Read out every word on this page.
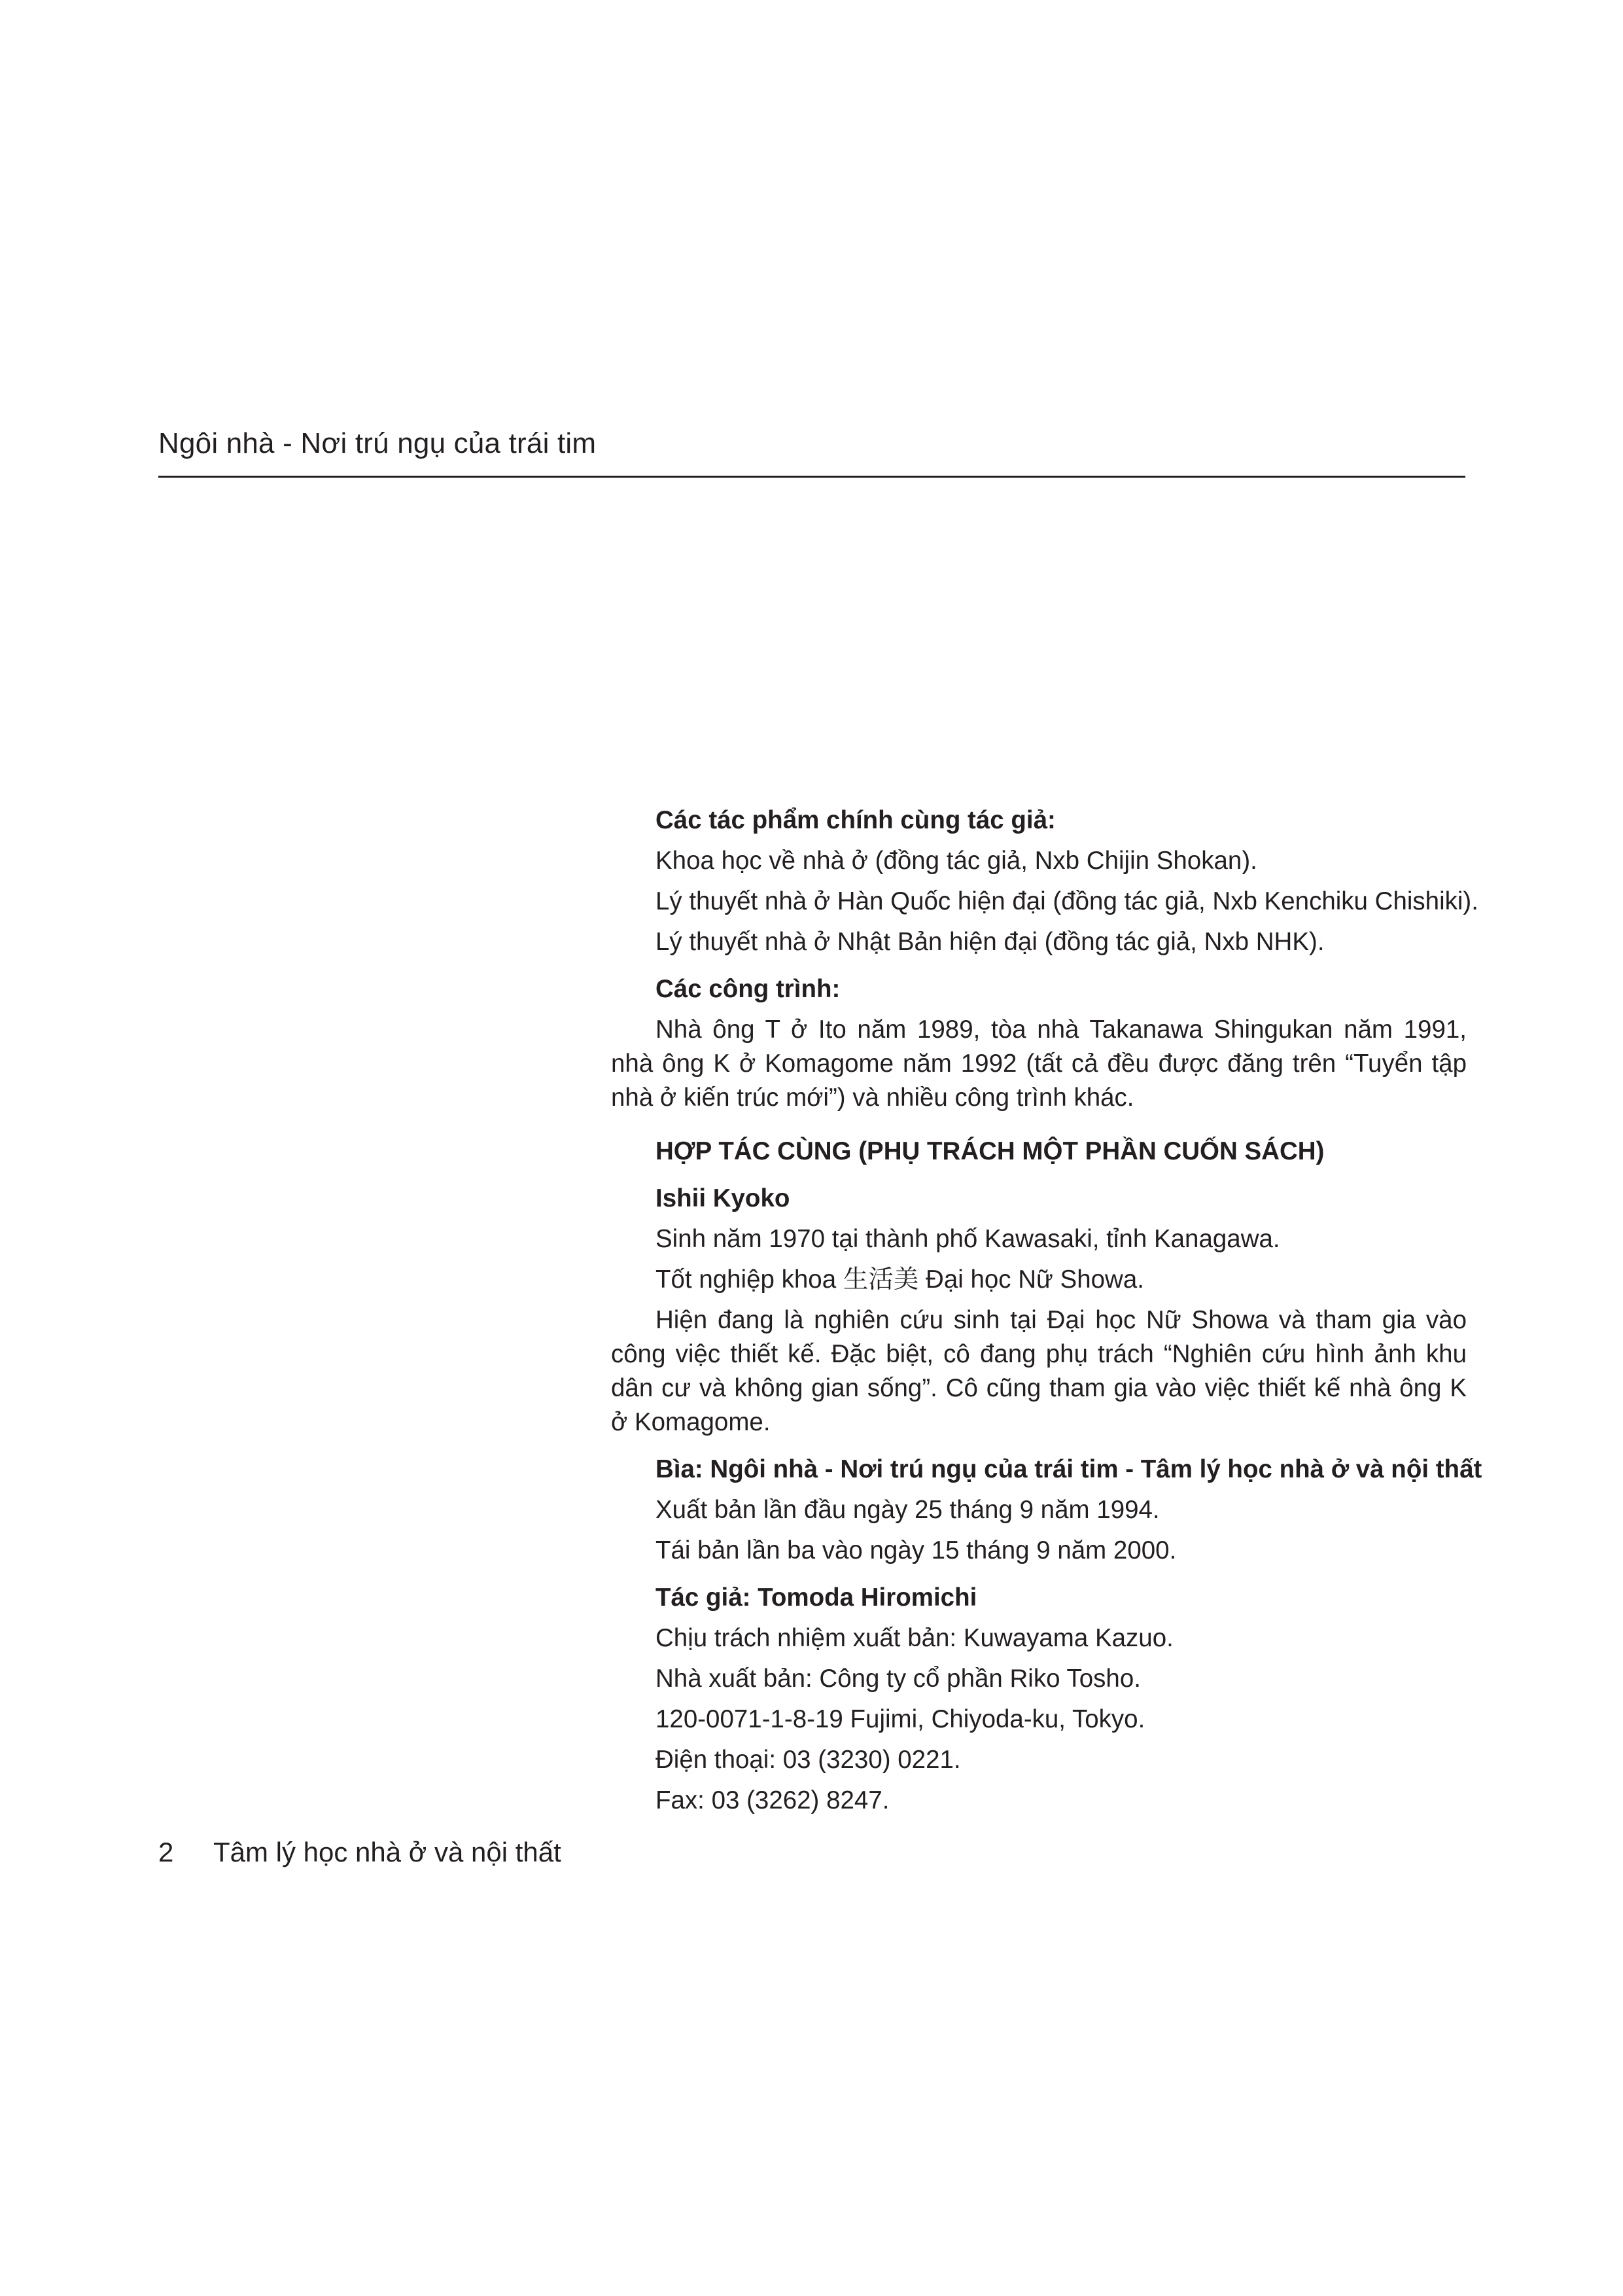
Ngôi nhà - Nơi trú ngụ của trái tim

Các tác phẩm chính cùng tác giả:

Khoa học về nhà ở (đồng tác giả, Nxb Chijin Shokan).

Lý thuyết nhà ở Hàn Quốc hiện đại (đồng tác giả, Nxb Kenchiku Chishiki).

Lý thuyết nhà ở Nhật Bản hiện đại (đồng tác giả, Nxb NHK).

Các công trình:

Nhà ông T ở Ito năm 1989, tòa nhà Takanawa Shingukan năm 1991, nhà ông K ở Komagome năm 1992 (tất cả đều được đăng trên “Tuyển tập nhà ở kiến trúc mới”) và nhiều công trình khác.

HỢP TÁC CÙNG (PHỤ TRÁCH MỘT PHẦN CUỐN SÁCH)

Ishii Kyoko

Sinh năm 1970 tại thành phố Kawasaki, tỉnh Kanagawa.

Tốt nghiệp khoa 生活美 Đại học Nữ Showa.

Hiện đang là nghiên cứu sinh tại Đại học Nữ Showa và tham gia vào công việc thiết kế. Đặc biệt, cô đang phụ trách “Nghiên cứu hình ảnh khu dân cư và không gian sống”. Cô cũng tham gia vào việc thiết kế nhà ông K ở Komagome.

Bìa: Ngôi nhà - Nơi trú ngụ của trái tim - Tâm lý học nhà ở và nội thất

Xuất bản lần đầu ngày 25 tháng 9 năm 1994.

Tái bản lần ba vào ngày 15 tháng 9 năm 2000.

Tác giả: Tomoda Hiromichi

Chịu trách nhiệm xuất bản: Kuwayama Kazuo.

Nhà xuất bản: Công ty cổ phần Riko Tosho.

120-0071-1-8-19 Fujimi, Chiyoda-ku, Tokyo.

Điện thoại: 03 (3230) 0221.

Fax: 03 (3262) 8247.

2 Tâm lý học nhà ở và nội thất
